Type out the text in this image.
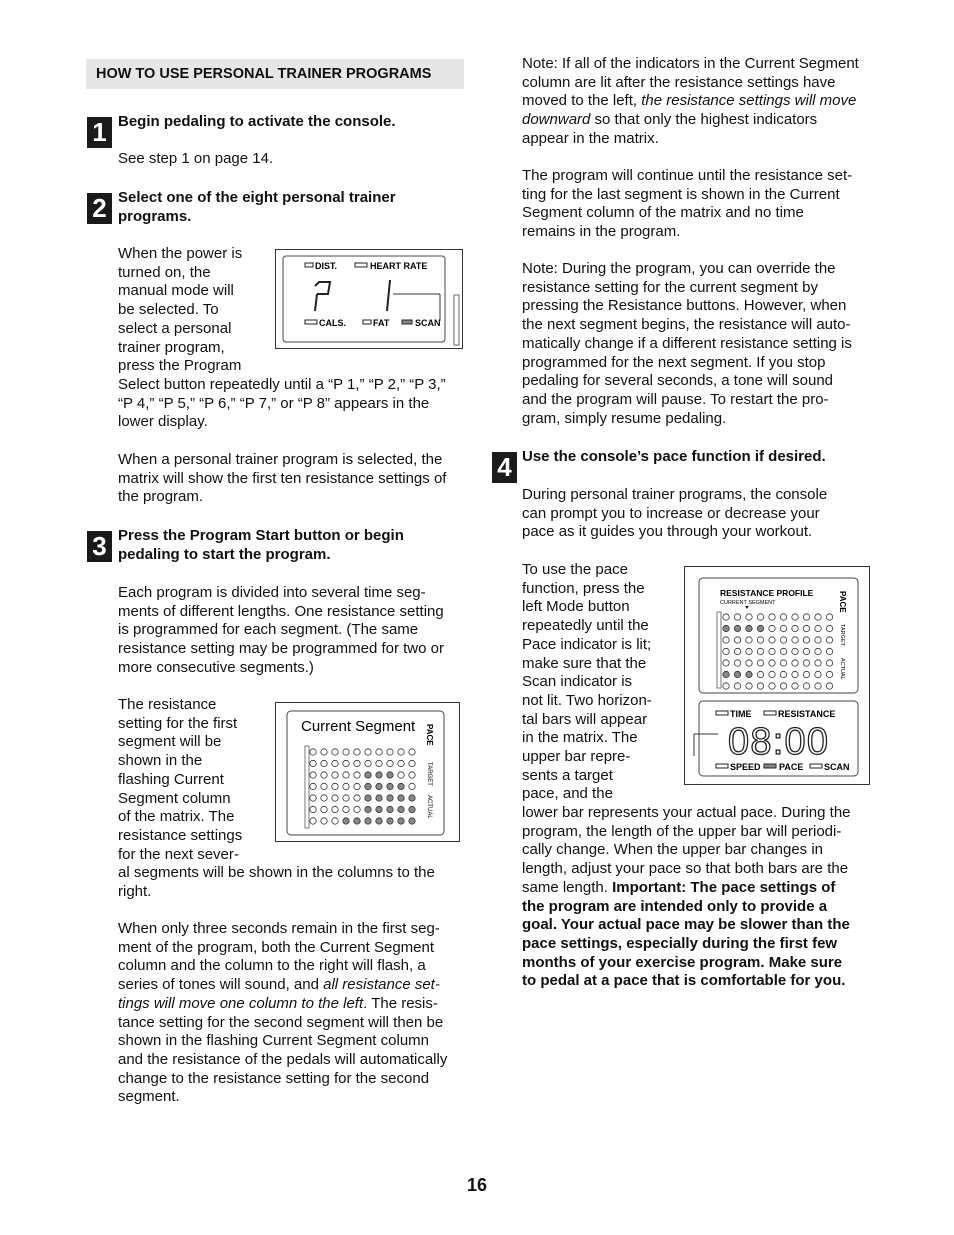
HOW TO USE PERSONAL TRAINER PROGRAMS
1 Begin pedaling to activate the console.
See step 1 on page 14.
2 Select one of the eight personal trainer
programs.
When the power is
turned on, the
manual mode will
be selected. To
select a personal
trainer program,
press the Program
Select button repeatedly until a “P 1,” “P 2,” “P 3,”
“P 4,” “P 5,” “P 6,” “P 7,” or “P 8” appears in the
lower display.
When a personal trainer program is selected, the
matrix will show the first ten resistance settings of
the program.
DIST.	HEART RATE
CALS.	FAT	SCAN
3 Press the Program Start button or begin
pedaling to start the program.
Each program is divided into several time seg-
ments of different lengths. One resistance setting
is programmed for each segment. (The same
resistance setting may be programmed for two or
more consecutive segments.)
The resistance
setting for the first
segment will be
shown in the
flashing Current
Segment column
of the matrix. The
resistance settings
for the next sever-
al segments will be shown in the columns to the
right.
When only three seconds remain in the first seg-
ment of the program, both the Current Segment
column and the column to the right will flash, a
series of tones will sound, and all resistance set-
tings will move one column to the left. The resis-
tance setting for the second segment will then be
shown in the flashing Current Segment column
and the resistance of the pedals will automatically
change to the resistance setting for the second
segment.
Current Segment PACE
TARGET
ACTUAL
Note: If all of the indicators in the Current Segment
column are lit after the resistance settings have
moved to the left, the resistance settings will move
downward so that only the highest indicators
appear in the matrix.
The program will continue until the resistance set-
ting for the last segment is shown in the Current
Segment column of the matrix and no time
remains in the program.
Note: During the program, you can override the
resistance setting for the current segment by
pressing the Resistance buttons. However, when
the next segment begins, the resistance will auto-
matically change if a different resistance setting is
programmed for the next segment. If you stop
pedaling for several seconds, a tone will sound
and the program will pause. To restart the pro-
gram, simply resume pedaling.
4 Use the console’s pace function if desired.
During personal trainer programs, the console
can prompt you to increase or decrease your
pace as it guides you through your workout.
To use the pace
function, press the
left Mode button
repeatedly until the
Pace indicator is lit;
make sure that the
Scan indicator is
not lit. Two horizon-
tal bars will appear
in the matrix. The
upper bar repre-
sents a target
pace, and the
lower bar represents your actual pace. During the
program, the length of the upper bar will periodi-
cally change. When the upper bar changes in
length, adjust your pace so that both bars are the
same length. Important: The pace settings of
the program are intended only to provide a
goal. Your actual pace may be slower than the
pace settings, especially during the first few
months of your exercise program. Make sure
to pedal at a pace that is comfortable for you.
RESISTANCE PROFILE
CURRENT SEGMENT	PACE
TARGET
ACTUAL
TIME	RESISTANCE
08:00
SPEED PACE SCAN
16
